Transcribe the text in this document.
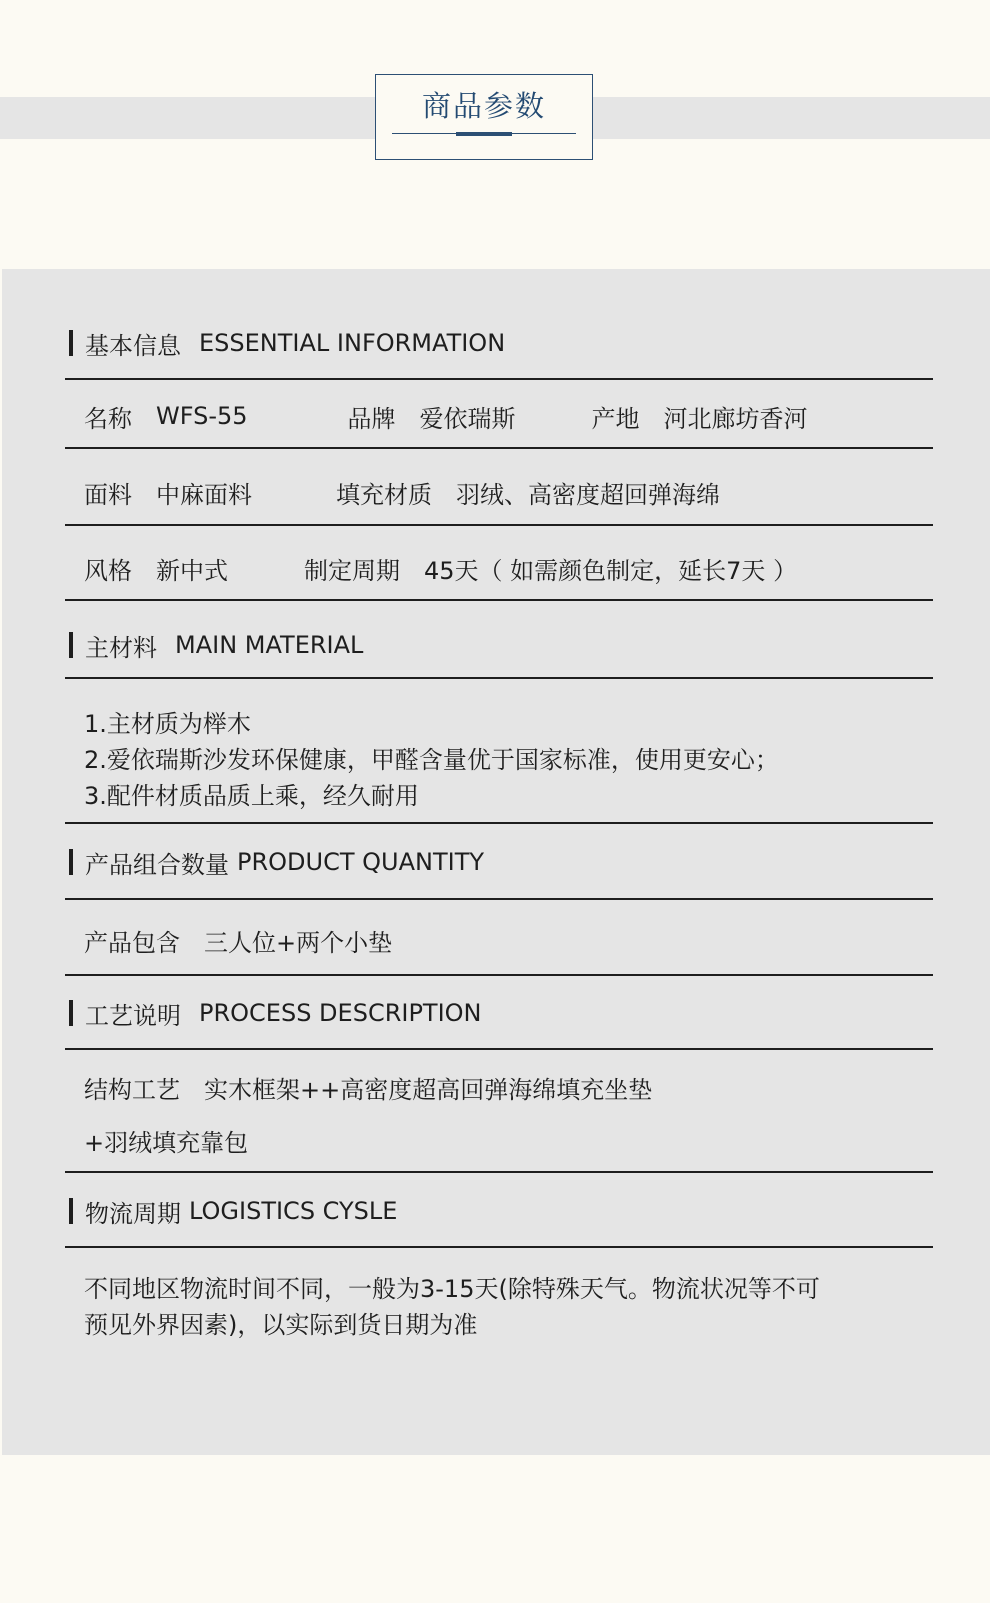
商品参数
基本信息 ESSENTIAL INFORMATION
名称 WFS-55	品牌 爱依瑞斯	产地 河北廊坊香河
面料 中麻面料	填充材质 羽绒、高密度超回弹海绵
风格 新中式	制定周期 45天（ 如需颜色制定，延长7天 ）
主材料 MAIN MATERIAL
1.主材质为榉木
2.爱依瑞斯沙发环保健康，甲醛含量优于国家标准，使用更安心；
3.配件材质品质上乘，经久耐用
产品组合数量 PRODUCT QUANTITY
产品包含 三人位+两个小垫
工艺说明 PROCESS DESCRIPTION
结构工艺 实木框架++高密度超高回弹海绵填充坐垫
+羽绒填充靠包
物流周期 LOGISTICS CYSLE
不同地区物流时间不同，一般为3-15天(除特殊天气。物流状况等不可
预见外界因素)，以实际到货日期为准
